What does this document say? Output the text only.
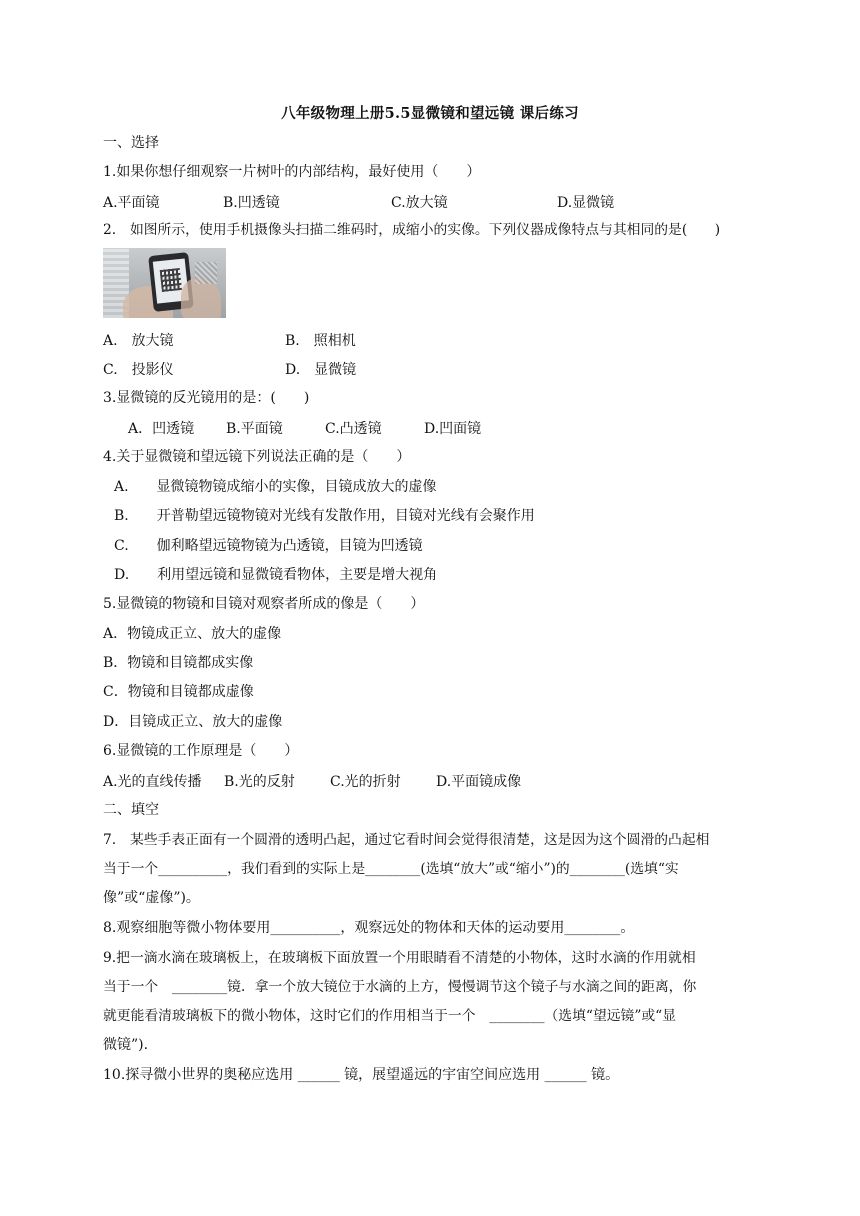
八年级物理上册5.5显微镜和望远镜 课后练习
一、选择
1.如果你想仔细观察一片树叶的内部结构，最好使用（　　）
A.平面镜	B.凹透镜	C.放大镜	D.显微镜
2.　如图所示，使用手机摄像头扫描二维码时，成缩小的实像。下列仪器成像特点与其相同的是(　　)
A.　放大镜	B.　照相机
C.　投影仪	D.　显微镜
3.显微镜的反光镜用的是：(　　)
A．凹透镜 B.平面镜	C.凸透镜	D.凹面镜
4.关于显微镜和望远镜下列说法正确的是（　　）
A.　　显微镜物镜成缩小的实像，目镜成放大的虚像
B.　　开普勒望远镜物镜对光线有发散作用，目镜对光线有会聚作用
C.　　伽利略望远镜物镜为凸透镜，目镜为凹透镜
D.　　利用望远镜和显微镜看物体，主要是增大视角
5.显微镜的物镜和目镜对观察者所成的像是（　　）
A．物镜成正立、放大的虚像
B．物镜和目镜都成实像
C．物镜和目镜都成虚像
D．目镜成正立、放大的虚像
6.显微镜的工作原理是（　　）
A.光的直线传播 B.光的反射	C.光的折射	D.平面镜成像
二、填空
7.　某些手表正面有一个圆滑的透明凸起，通过它看时间会觉得很清楚，这是因为这个圆滑的凸起相
当于一个__________，我们看到的实际上是________(选填“放大”或“缩小”)的________(选填“实
像”或“虚像”)。
8.观察细胞等微小物体要用__________，观察远处的物体和天体的运动要用________。
9.把一滴水滴在玻璃板上，在玻璃板下面放置一个用眼睛看不清楚的小物体，这时水滴的作用就相
当于一个　________镜．拿一个放大镜位于水滴的上方，慢慢调节这个镜子与水滴之间的距离，你
就更能看清玻璃板下的微小物体，这时它们的作用相当于一个　________（选填“望远镜”或“显
微镜”).
10.探寻微小世界的奥秘应选用 ______ 镜，展望遥远的宇宙空间应选用 ______ 镜。
